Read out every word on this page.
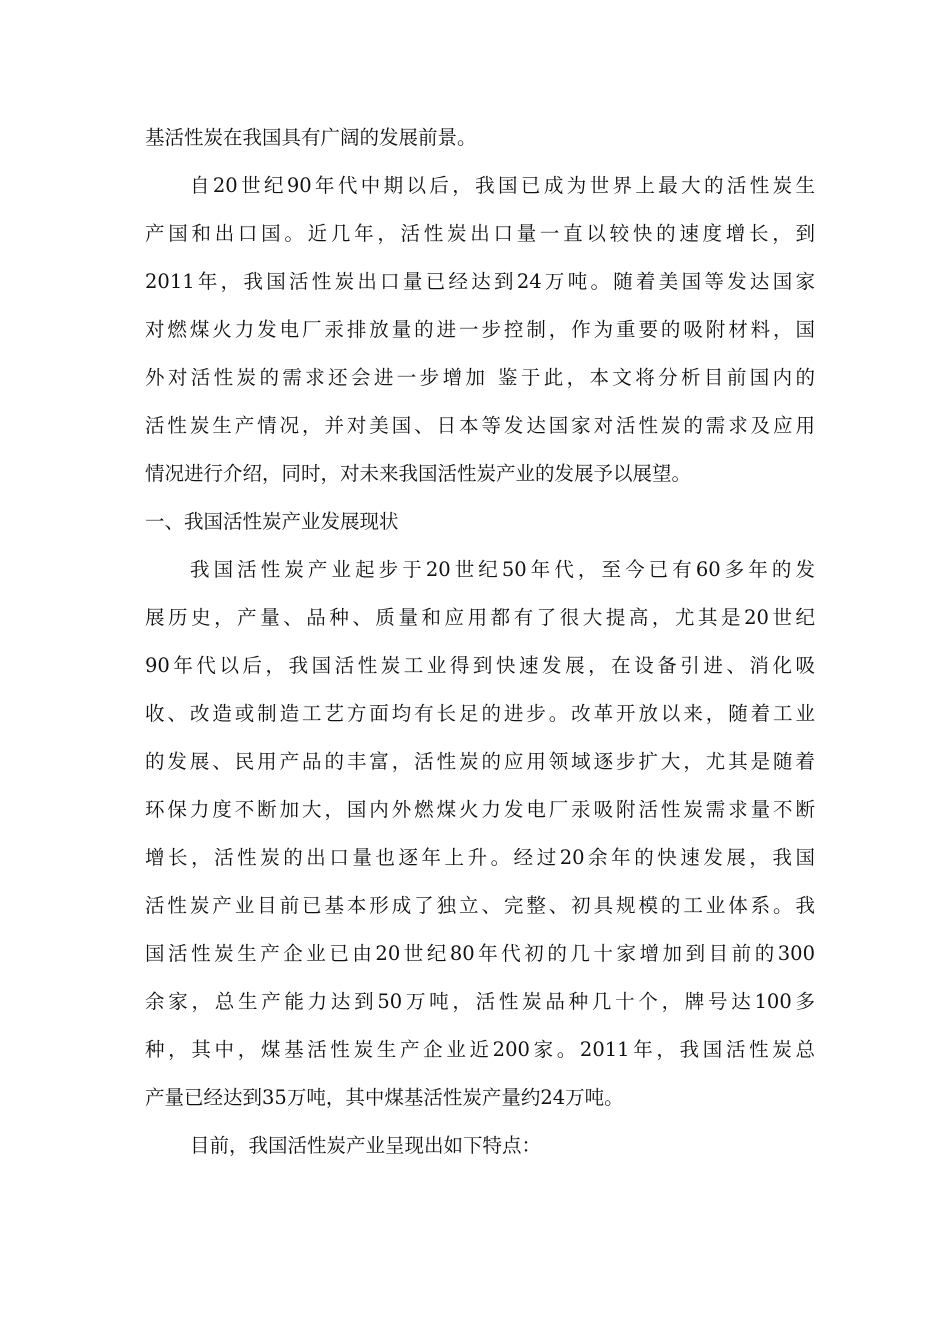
基活性炭在我国具有广阔的发展前景。
自20世纪90年代中期以后，我国已成为世界上最大的活性炭生
产国和出口国。近几年，活性炭出口量一直以较快的速度增长，到
2011年，我国活性炭出口量已经达到24万吨。随着美国等发达国家
对燃煤火力发电厂汞排放量的进一步控制，作为重要的吸附材料，国
外对活性炭的需求还会进一步增加 鉴于此，本文将分析目前国内的
活性炭生产情况，并对美国、日本等发达国家对活性炭的需求及应用
情况进行介绍，同时，对未来我国活性炭产业的发展予以展望。
一、我国活性炭产业发展现状
我国活性炭产业起步于20世纪50年代，至今已有60多年的发
展历史，产量、品种、质量和应用都有了很大提高，尤其是20世纪
90年代以后，我国活性炭工业得到快速发展，在设备引进、消化吸
收、改造或制造工艺方面均有长足的进步。改革开放以来，随着工业
的发展、民用产品的丰富，活性炭的应用领域逐步扩大，尤其是随着
环保力度不断加大，国内外燃煤火力发电厂汞吸附活性炭需求量不断
增长，活性炭的出口量也逐年上升。经过20余年的快速发展，我国
活性炭产业目前已基本形成了独立、完整、初具规模的工业体系。我
国活性炭生产企业已由20世纪80年代初的几十家增加到目前的300
余家，总生产能力达到50万吨，活性炭品种几十个，牌号达100多
种，其中，煤基活性炭生产企业近200家。2011年，我国活性炭总
产量已经达到35万吨，其中煤基活性炭产量约24万吨。
目前，我国活性炭产业呈现出如下特点：
